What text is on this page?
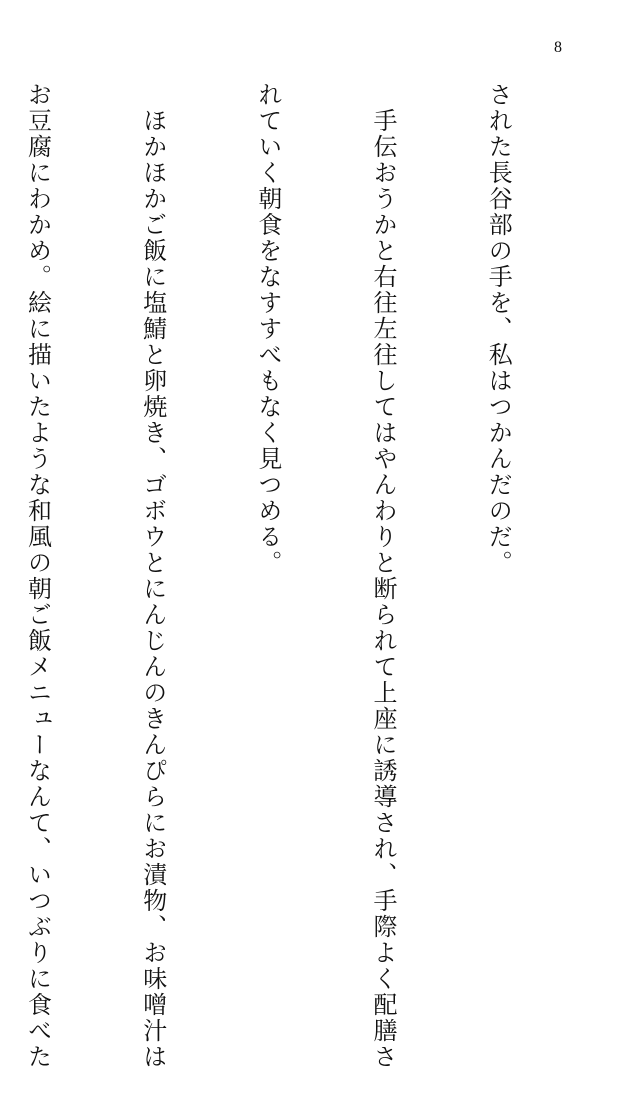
8

された長谷部の手を、私はつかんだのだ。

　手伝おうかと右往左往してはやんわりと断られて上座に誘導され、手際よく配膳さ

れていく朝食をなすすべもなく見つめる。

　ほかほかご飯に塩鯖と卵焼き、ゴボウとにんじんのきんぴらにお漬物、お味噌汁は

お豆腐にわかめ。絵に描いたような和風の朝ご飯メニューなんて、いつぶりに食べた
